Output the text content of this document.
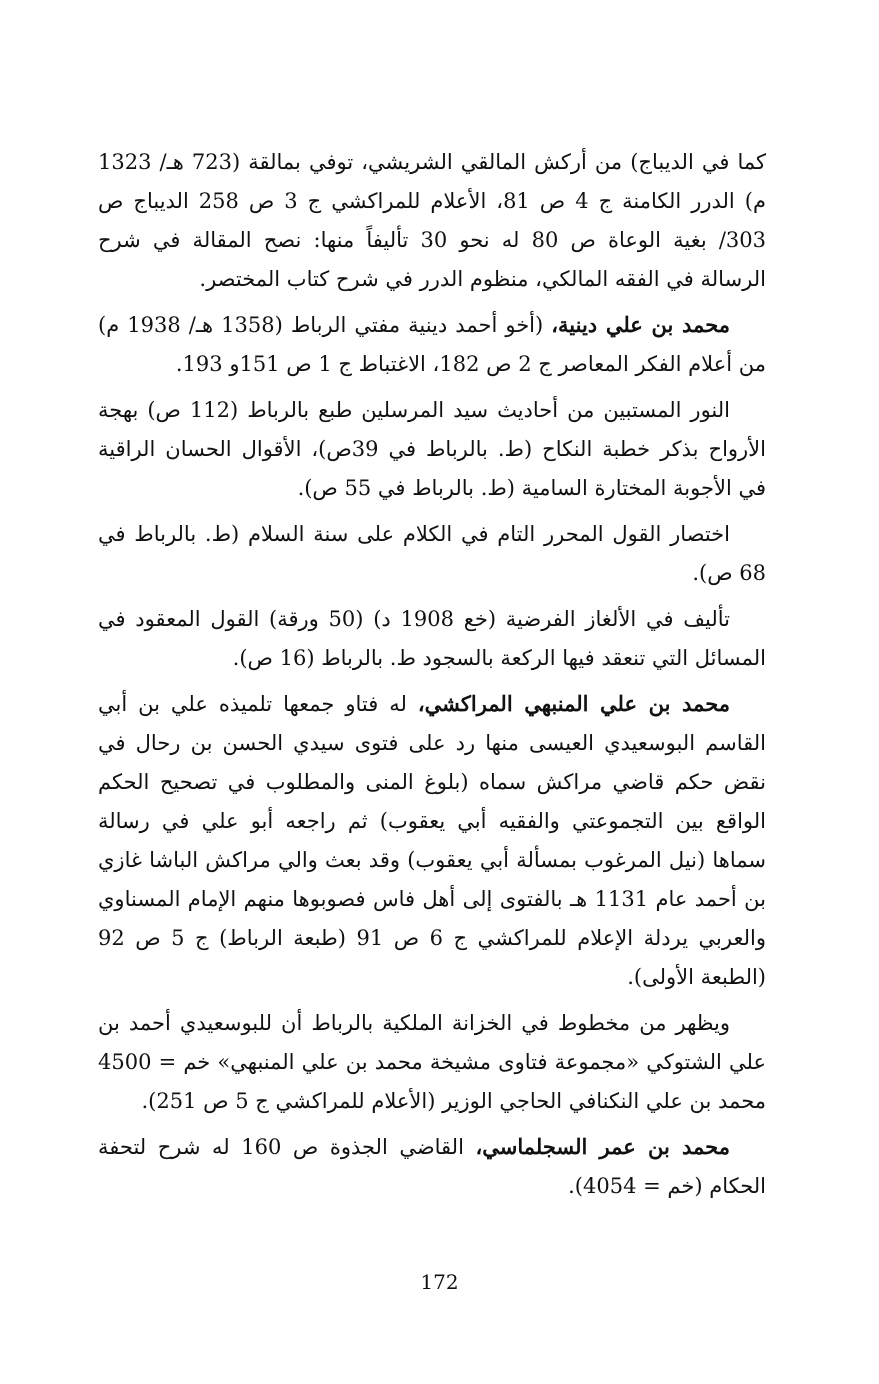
كما في الديباج) من أركش المالقي الشريشي، توفي بمالقة (723 هـ/ 1323 م) الدرر الكامنة ج 4 ص 81، الأعلام للمراكشي ج 3 ص 258 الديباج ص 303/ بغية الوعاة ص 80 له نحو 30 تأليفاً منها: نصح المقالة في شرح الرسالة في الفقه المالكي، منظوم الدرر في شرح كتاب المختصر.

محمد بن علي دينية، (أخو أحمد دينية مفتي الرباط (1358 هـ/ 1938 م) من أعلام الفكر المعاصر ج 2 ص 182، الاغتباط ج 1 ص 151و 193.

النور المستبين من أحاديث سيد المرسلين طبع بالرباط (112 ص) بهجة الأرواح بذكر خطبة النكاح (ط. بالرباط في 39ص)، الأقوال الحسان الراقية في الأجوبة المختارة السامية (ط. بالرباط في 55 ص).

اختصار القول المحرر التام في الكلام على سنة السلام (ط. بالرباط في 68 ص).

تأليف في الألغاز الفرضية (خع 1908 د) (50 ورقة) القول المعقود في المسائل التي تنعقد فيها الركعة بالسجود ط. بالرباط (16 ص).

محمد بن علي المنبهي المراكشي، له فتاو جمعها تلميذه علي بن أبي القاسم البوسعيدي العيسى منها رد على فتوى سيدي الحسن بن رحال في نقض حكم قاضي مراكش سماه (بلوغ المنى والمطلوب في تصحيح الحكم الواقع بين التجموعتي والفقيه أبي يعقوب) ثم راجعه أبو علي في رسالة سماها (نيل المرغوب بمسألة أبي يعقوب) وقد بعث والي مراكش الباشا غازي بن أحمد عام 1131 هـ بالفتوى إلى أهل فاس فصوبوها منهم الإمام المسناوي والعربي يردلة الإعلام للمراكشي ج 6 ص 91 (طبعة الرباط) ج 5 ص 92 (الطبعة الأولى).

ويظهر من مخطوط في الخزانة الملكية بالرباط أن للبوسعيدي أحمد بن علي الشتوكي «مجموعة فتاوى مشيخة محمد بن علي المنبهي» خم = 4500 محمد بن علي النكنافي الحاجي الوزير (الأعلام للمراكشي ج 5 ص 251).

محمد بن عمر السجلماسي، القاضي الجذوة ص 160 له شرح لتحفة الحكام (خم = 4054).

172
